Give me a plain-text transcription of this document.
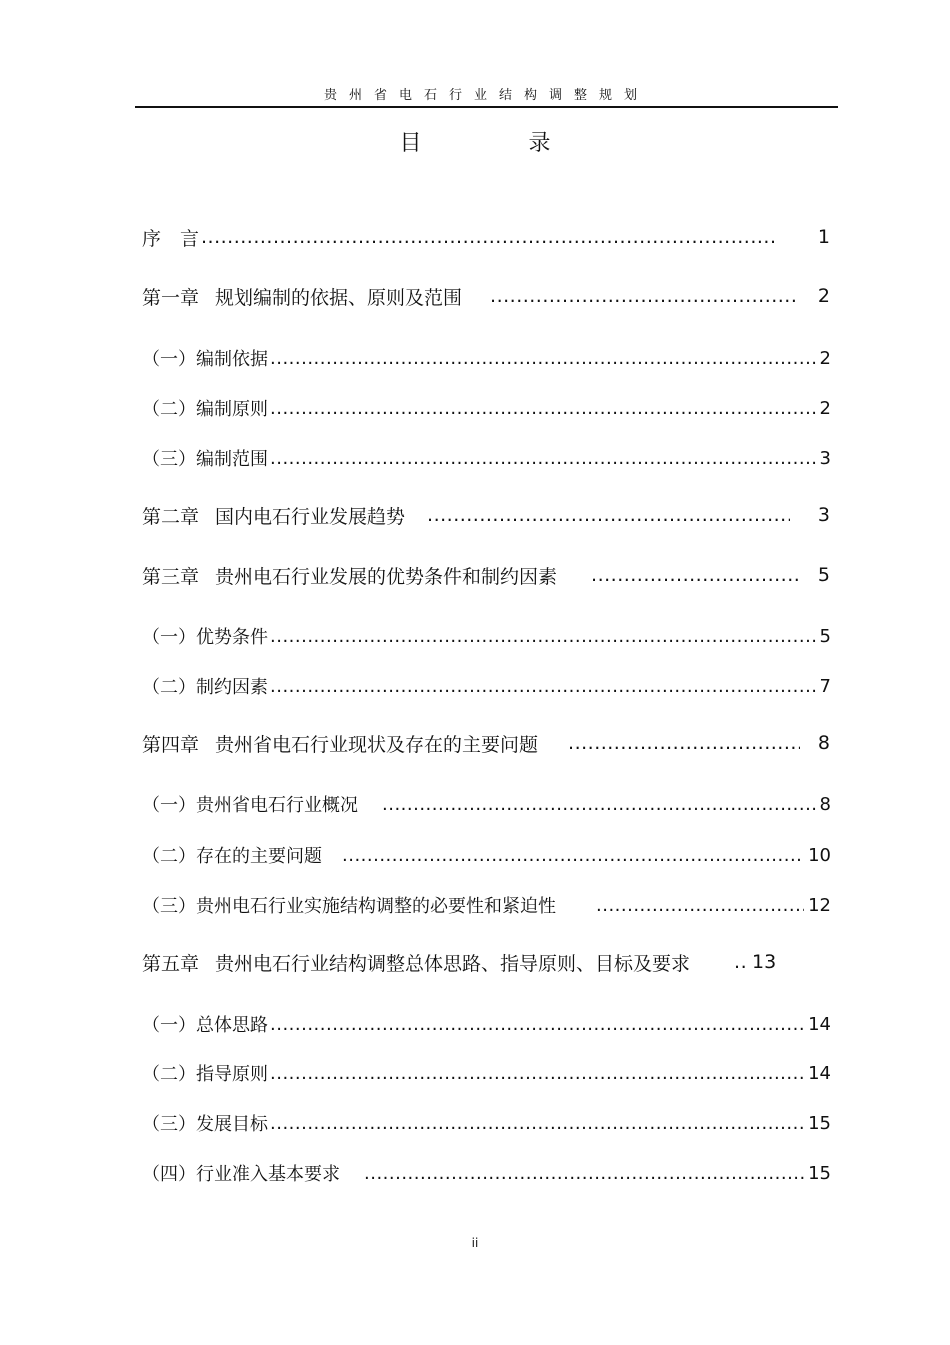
贵州省电石行业结构调整规划
目 录
序　言 .....	1
第一章 规划编制的依据、原则及范围 .....	2
（一）编制依据 .....	2
（二）编制原则 .....	2
（三）编制范围 .....	3
第二章 国内电石行业发展趋势 .....	3
第三章 贵州电石行业发展的优势条件和制约因素 .....	5
（一）优势条件 .....	5
（二）制约因素 .....	7
第四章 贵州省电石行业现状及存在的主要问题 .....	8
（一）贵州省电石行业概况 .....	8
（二）存在的主要问题 .....	10
（三）贵州电石行业实施结构调整的必要性和紧迫性 .....	12
第五章 贵州电石行业结构调整总体思路、指导原则、目标及要求 .....	13
（一）总体思路 .....	14
（二）指导原则 .....	14
（三）发展目标 .....	15
（四）行业准入基本要求 .....	15
ii
